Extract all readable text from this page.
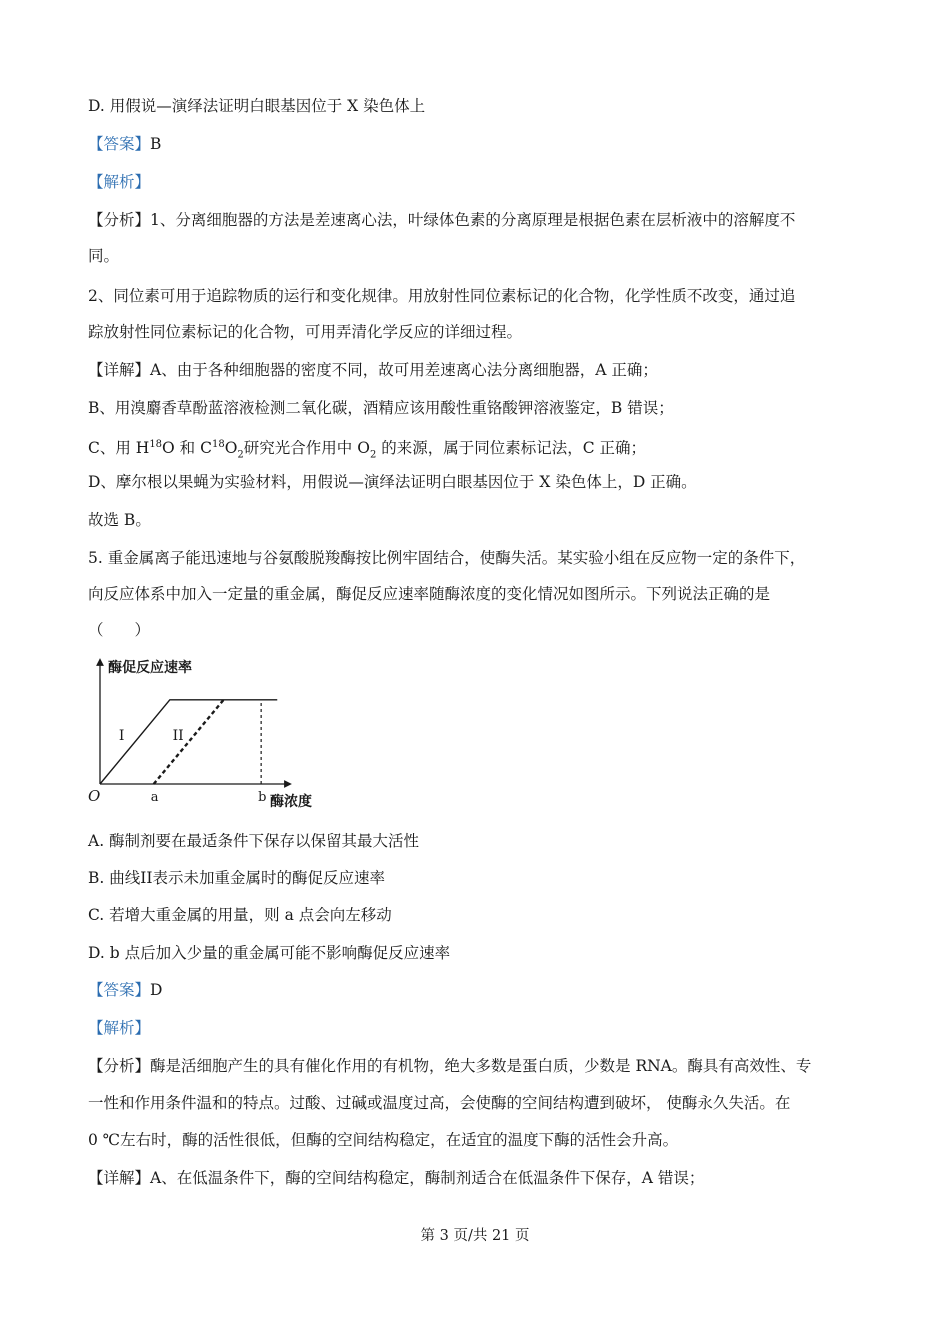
D. 用假说—演绎法证明白眼基因位于 X 染色体上
【答案】B
【解析】
【分析】1、分离细胞器的方法是差速离心法，叶绿体色素的分离原理是根据色素在层析液中的溶解度不
同。
2、同位素可用于追踪物质的运行和变化规律。用放射性同位素标记的化合物，化学性质不改变，通过追
踪放射性同位素标记的化合物，可用弄清化学反应的详细过程。
【详解】A、由于各种细胞器的密度不同，故可用差速离心法分离细胞器，A 正确；
B、用溴麝香草酚蓝溶液检测二氧化碳，酒精应该用酸性重铬酸钾溶液鉴定，B 错误；
C、用 $H^{18}O$ 和 $C^{18}O_2$研究光合作用中 $O_2$ 的来源，属于同位素标记法，C 正确；
D、摩尔根以果蝇为实验材料，用假说—演绎法证明白眼基因位于 X 染色体上，D 正确。
故选 B。
5. 重金属离子能迅速地与谷氨酸脱羧酶按比例牢固结合，使酶失活。某实验小组在反应物一定的条件下，
向反应体系中加入一定量的重金属，酶促反应速率随酶浓度的变化情况如图所示。下列说法正确的是
（　　）
酶促反应速率
酶浓度
O
I	II
a	b
A. 酶制剂要在最适条件下保存以保留其最大活性
B. 曲线II表示未加重金属时的酶促反应速率
C. 若增大重金属的用量，则 a 点会向左移动
D. b 点后加入少量的重金属可能不影响酶促反应速率
【答案】D
【解析】
【分析】酶是活细胞产生的具有催化作用的有机物，绝大多数是蛋白质，少数是 RNA。酶具有高效性、专
一性和作用条件温和的特点。过酸、过碱或温度过高，会使酶的空间结构遭到破坏， 使酶永久失活。在
0 ℃左右时，酶的活性很低，但酶的空间结构稳定，在适宜的温度下酶的活性会升高。
【详解】A、在低温条件下，酶的空间结构稳定，酶制剂适合在低温条件下保存，A 错误；
第 3 页/共 21 页
